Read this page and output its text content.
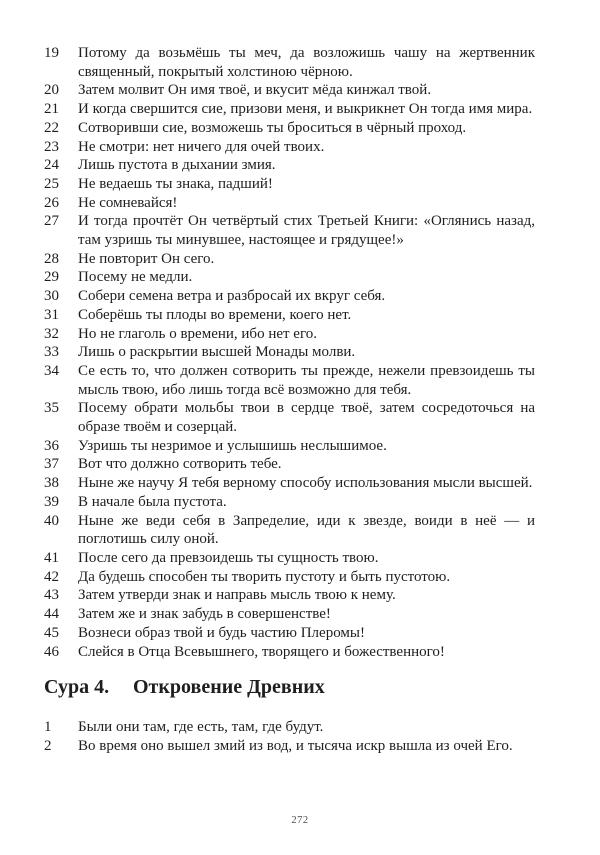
19	Потому да возьмёшь ты меч, да возложишь чашу на жертвенник священный, покрытый холстиною чёрною.
20	Затем молвит Он имя твоё, и вкусит мёда кинжал твой.
21	И когда свершится сие, призови меня, и выкрикнет Он тогда имя мира.
22	Сотворивши сие, возможешь ты броситься в чёрный проход.
23	Не смотри: нет ничего для очей твоих.
24	Лишь пустота в дыхании змия.
25	Не ведаешь ты знака, падший!
26	Не сомневайся!
27	И тогда прочтёт Он четвёртый стих Третьей Книги: «Оглянись назад, там узришь ты минувшее, настоящее и грядущее!»
28	Не повторит Он сего.
29	Посему не медли.
30	Собери семена ветра и разбросай их вкруг себя.
31	Соберёшь ты плоды во времени, коего нет.
32	Но не глаголь о времени, ибо нет его.
33	Лишь о раскрытии высшей Монады молви.
34	Се есть то, что должен сотворить ты прежде, нежели превзоидешь ты мысль твою, ибо лишь тогда всё возможно для тебя.
35	Посему обрати мольбы твои в сердце твоё, затем сосредоточься на образе твоём и созерцай.
36	Узришь ты незримое и услышишь неслышимое.
37	Вот что должно сотворить тебе.
38	Ныне же научу Я тебя верному способу использования мысли высшей.
39	В начале была пустота.
40	Ныне же веди себя в Запределие, иди к звезде, воиди в неё — и поглотишь силу оной.
41	После сего да превзоидешь ты сущность твою.
42	Да будешь способен ты творить пустоту и быть пустотою.
43	Затем утверди знак и направь мысль твою к нему.
44	Затем же и знак забудь в совершенстве!
45	Вознеси образ твой и будь частию Плеромы!
46	Слейся в Отца Всевышнего, творящего и божественного!
Сура 4.	Откровение Древних
1	Были они там, где есть, там, где будут.
2	Во время оно вышел змий из вод, и тысяча искр вышла из очей Его.
272
